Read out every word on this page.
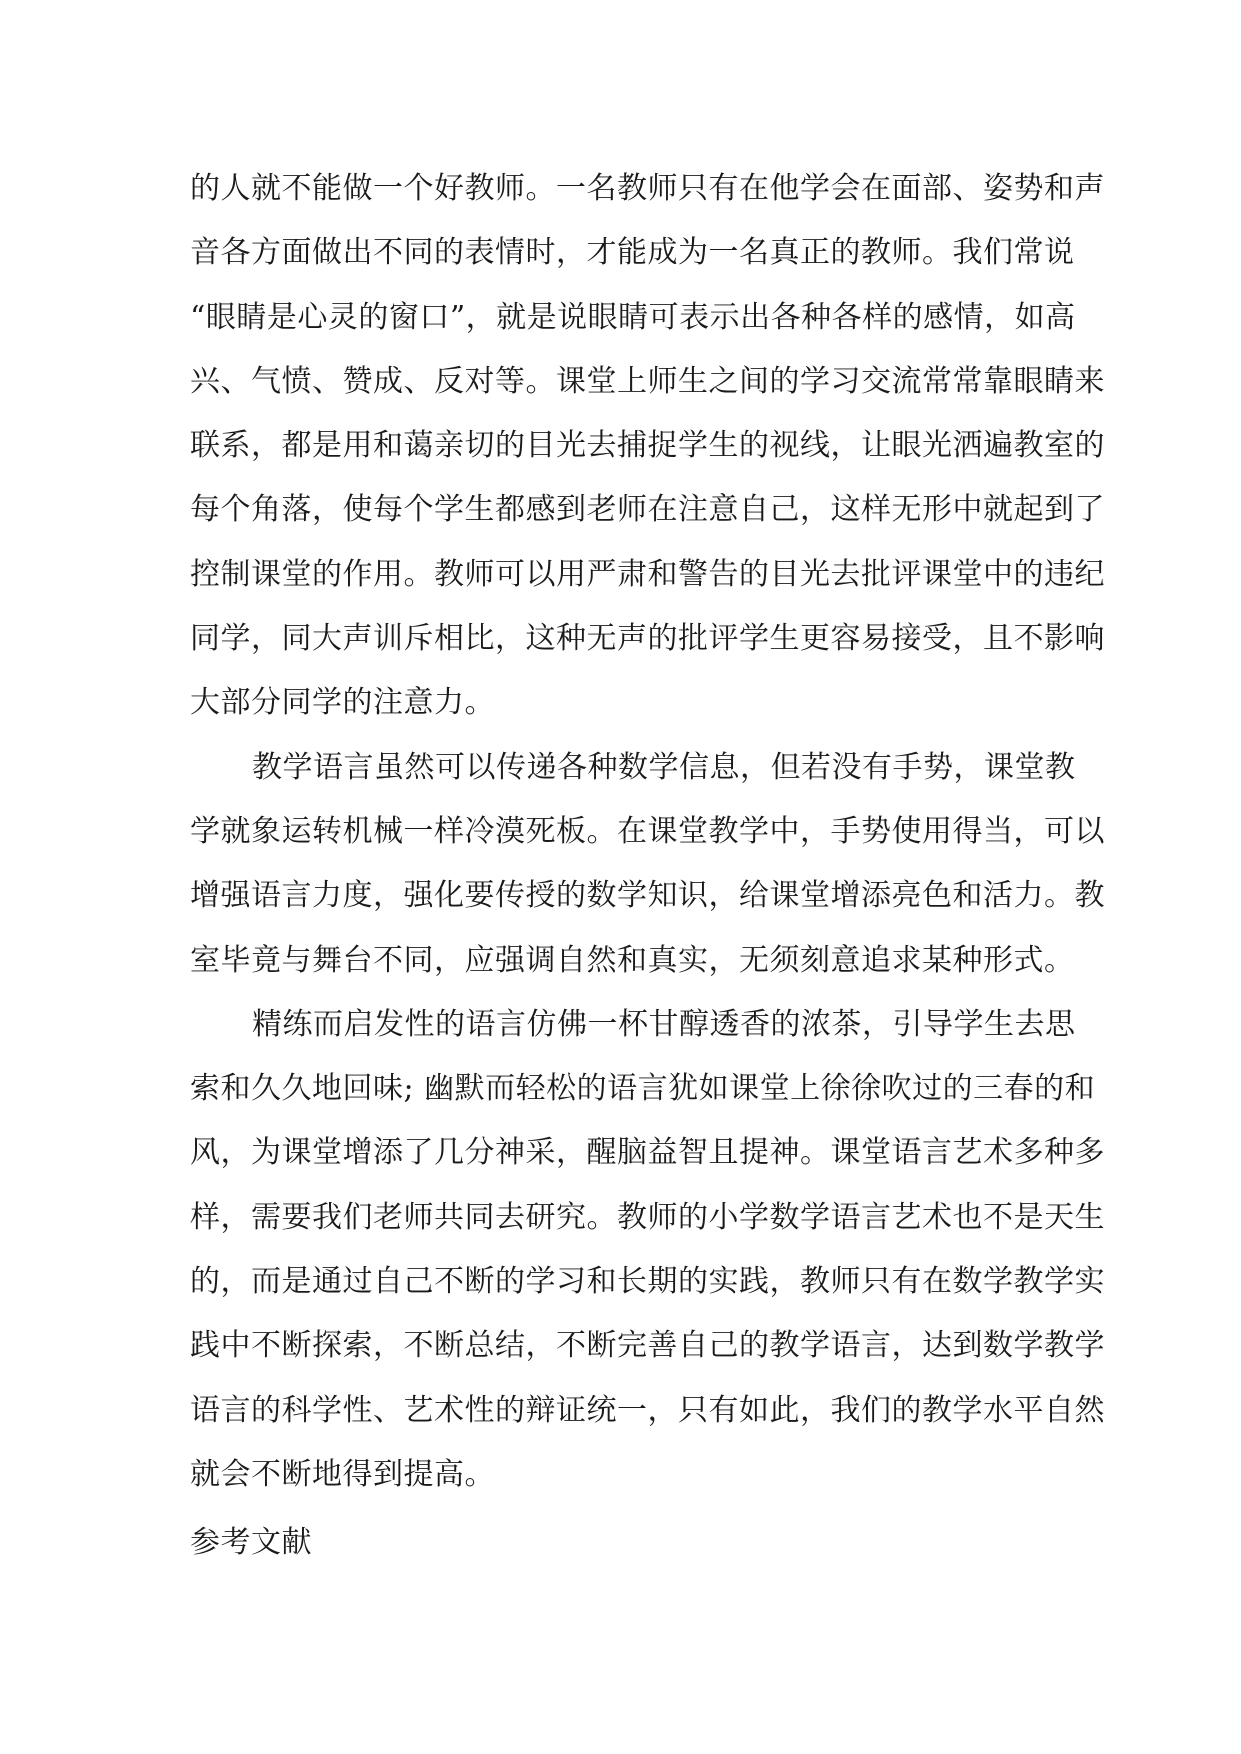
的人就不能做一个好教师。一名教师只有在他学会在面部、姿势和声
音各方面做出不同的表情时，才能成为一名真正的教师。我们常说
“眼睛是心灵的窗口”，就是说眼睛可表示出各种各样的感情，如高
兴、气愤、赞成、反对等。课堂上师生之间的学习交流常常靠眼睛来
联系，都是用和蔼亲切的目光去捕捉学生的视线，让眼光洒遍教室的
每个角落，使每个学生都感到老师在注意自己，这样无形中就起到了
控制课堂的作用。教师可以用严肃和警告的目光去批评课堂中的违纪
同学，同大声训斥相比，这种无声的批评学生更容易接受，且不影响
大部分同学的注意力。
教学语言虽然可以传递各种数学信息，但若没有手势，课堂教
学就象运转机械一样冷漠死板。在课堂教学中，手势使用得当，可以
增强语言力度，强化要传授的数学知识，给课堂增添亮色和活力。教
室毕竟与舞台不同，应强调自然和真实，无须刻意追求某种形式。
精练而启发性的语言仿佛一杯甘醇透香的浓茶，引导学生去思
索和久久地回味; 幽默而轻松的语言犹如课堂上徐徐吹过的三春的和
风，为课堂增添了几分神采，醒脑益智且提神。课堂语言艺术多种多
样，需要我们老师共同去研究。教师的小学数学语言艺术也不是天生
的，而是通过自己不断的学习和长期的实践，教师只有在数学教学实
践中不断探索，不断总结，不断完善自己的教学语言，达到数学教学
语言的科学性、艺术性的辩证统一，只有如此，我们的教学水平自然
就会不断地得到提高。
参考文献
